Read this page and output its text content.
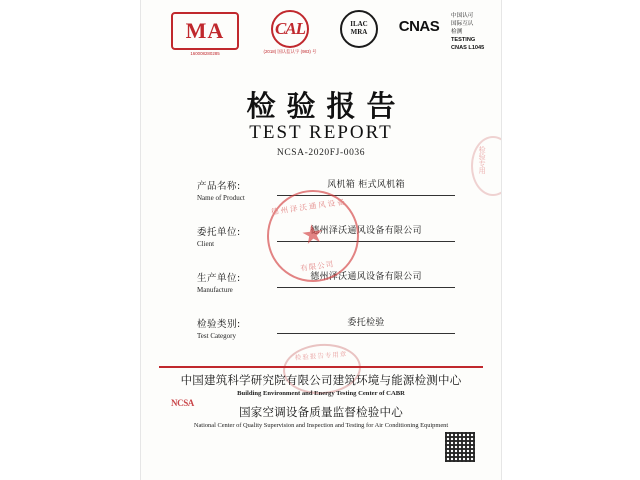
MA
160008280285
CAL
(2018) 国认监认字 (983) 号
ILAC
MRA	CNAS
中国认可
国际互认
检测
TESTING
CNAS L1045
检验报告
TEST REPORT
NCSA-2020FJ-0036
产品名称:
Name of Product
风机箱 柜式风机箱
委托单位:
Client
德州泽沃通风设备有限公司
生产单位:
Manufacture
德州泽沃通风设备有限公司
检验类别:
Test Category
委托检验
德州泽沃通风设备
★
有限公司
检验报告专用章
检验专用
中国建筑科学研究院有限公司建筑环境与能源检测中心
Building Environment and Energy Testing Center of CABR
国家空调设备质量监督检验中心
National Center of Quality Supervision and Inspection and Testing for Air Conditioning Equipment
NCSA
